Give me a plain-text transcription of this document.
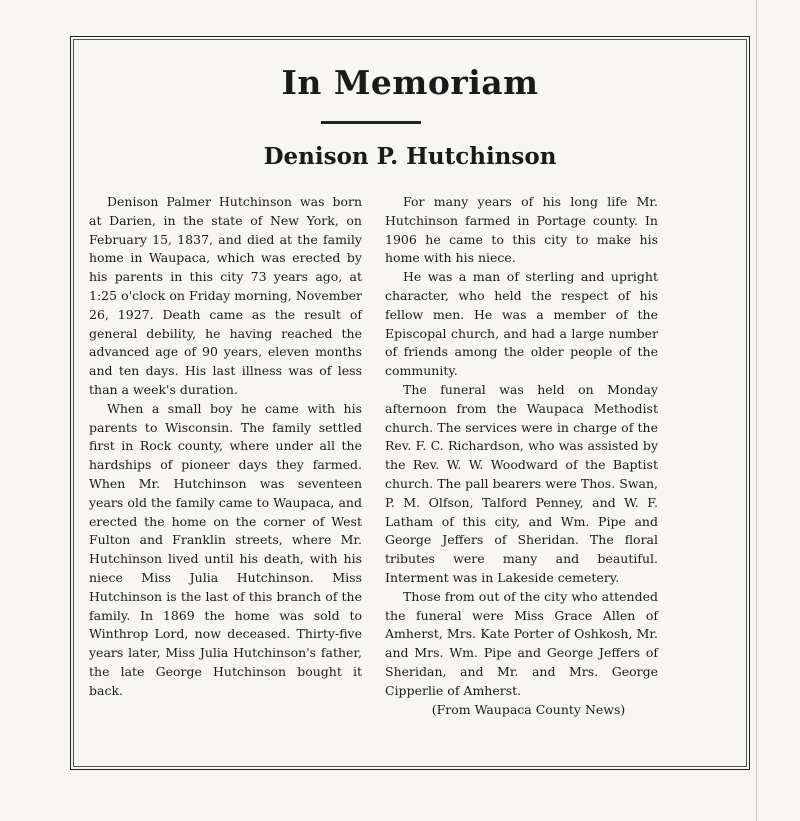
In Memoriam
Denison P. Hutchinson

Denison Palmer Hutchinson was born at Darien, in the state of New York, on February 15, 1837, and died at the family home in Waupaca, which was erected by his parents in this city 73 years ago, at 1:25 o'clock on Friday morning, November 26, 1927. Death came as the result of general debility, he having reached the advanced age of 90 years, eleven months and ten days. His last illness was of less than a week's duration.

When a small boy he came with his parents to Wisconsin. The family settled first in Rock county, where under all the hardships of pioneer days they farmed. When Mr. Hutchinson was seventeen years old the family came to Waupaca, and erected the home on the corner of West Fulton and Franklin streets, where Mr. Hutchinson lived until his death, with his niece Miss Julia Hutchinson. Miss Hutchinson is the last of this branch of the family. In 1869 the home was sold to Winthrop Lord, now deceased. Thirty-five years later, Miss Julia Hutchinson's father, the late George Hutchinson bought it back.

For many years of his long life Mr. Hutchinson farmed in Portage county. In 1906 he came to this city to make his home with his niece.

He was a man of sterling and upright character, who held the respect of his fellow men. He was a member of the Episcopal church, and had a large number of friends among the older people of the community.

The funeral was held on Monday afternoon from the Waupaca Methodist church. The services were in charge of the Rev. F. C. Richardson, who was assisted by the Rev. W. W. Woodward of the Baptist church. The pall bearers were Thos. Swan, P. M. Olfson, Talford Penney, and W. F. Latham of this city, and Wm. Pipe and George Jeffers of Sheridan. The floral tributes were many and beautiful. Interment was in Lakeside cemetery.

Those from out of the city who attended the funeral were Miss Grace Allen of Amherst, Mrs. Kate Porter of Oshkosh, Mr. and Mrs. Wm. Pipe and George Jeffers of Sheridan, and Mr. and Mrs. George Cipperlie of Amherst.

(From Waupaca County News)
